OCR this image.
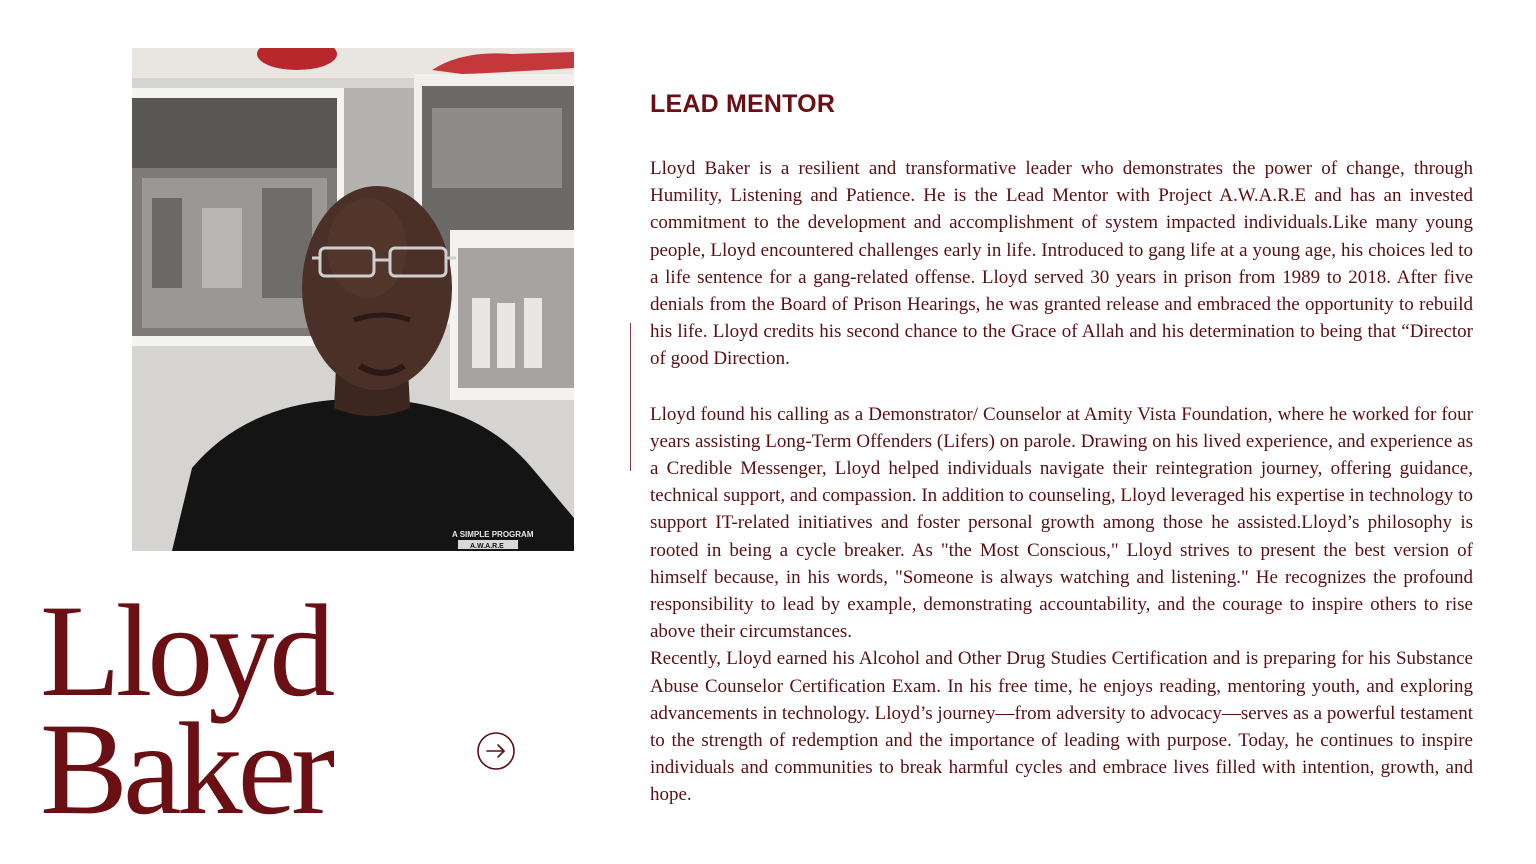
A SIMPLE PROGRAM
A.W.A.R.E
Lloyd
Baker
LEAD MENTOR

Lloyd Baker is a resilient and transformative leader who demonstrates the power of change, through Humility, Listening and Patience. He is the Lead Mentor with Project A.W.A.R.E and has an invested commitment to the development and accomplishment of system impacted individuals.Like many young people, Lloyd encountered challenges early in life. Introduced to gang life at a young age, his choices led to a life sentence for a gang-related offense. Lloyd served 30 years in prison from 1989 to 2018. After five denials from the Board of Prison Hearings, he was granted release and embraced the opportunity to rebuild his life. Lloyd credits his second chance to the Grace of Allah and his determination to being that “Director of good Direction.

Lloyd found his calling as a Demonstrator/ Counselor at Amity Vista Foundation, where he worked for four years assisting Long-Term Offenders (Lifers) on parole. Drawing on his lived experience, and experience as a Credible Messenger, Lloyd helped individuals navigate their reintegration journey, offering guidance, technical support, and compassion. In addition to counseling, Lloyd leveraged his expertise in technology to support IT-related initiatives and foster personal growth among those he assisted.Lloyd’s philosophy is rooted in being a cycle breaker. As "the Most Conscious," Lloyd strives to present the best version of himself because, in his words, "Someone is always watching and listening." He recognizes the profound responsibility to lead by example, demonstrating accountability, and the courage to inspire others to rise above their circumstances.

Recently, Lloyd earned his Alcohol and Other Drug Studies Certification and is preparing for his Substance Abuse Counselor Certification Exam. In his free time, he enjoys reading, mentoring youth, and exploring advancements in technology. Lloyd’s journey—from adversity to advocacy—serves as a powerful testament to the strength of redemption and the importance of leading with purpose. Today, he continues to inspire individuals and communities to break harmful cycles and embrace lives filled with intention, growth, and hope.
